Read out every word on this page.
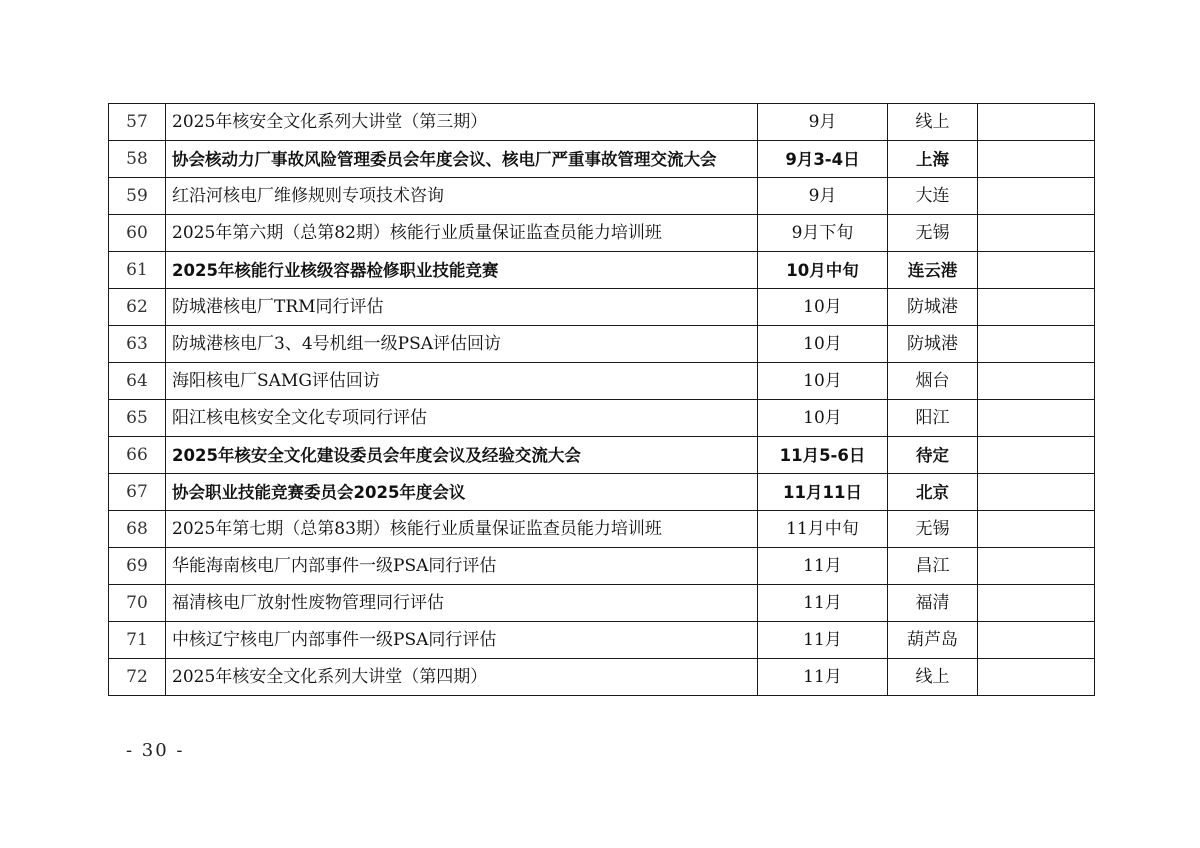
57	2025年核安全文化系列大讲堂（第三期）	9月	线上	
58	协会核动力厂事故风险管理委员会年度会议、核电厂严重事故管理交流大会	9月3-4日	上海	
59	红沿河核电厂维修规则专项技术咨询	9月	大连	
60	2025年第六期（总第82期）核能行业质量保证监查员能力培训班	9月下旬	无锡	
61	2025年核能行业核级容器检修职业技能竞赛	10月中旬	连云港	
62	防城港核电厂TRM同行评估	10月	防城港	
63	防城港核电厂3、4号机组一级PSA评估回访	10月	防城港	
64	海阳核电厂SAMG评估回访	10月	烟台	
65	阳江核电核安全文化专项同行评估	10月	阳江	
66	2025年核安全文化建设委员会年度会议及经验交流大会	11月5-6日	待定	
67	协会职业技能竞赛委员会2025年度会议	11月11日	北京	
68	2025年第七期（总第83期）核能行业质量保证监查员能力培训班	11月中旬	无锡	
69	华能海南核电厂内部事件一级PSA同行评估	11月	昌江	
70	福清核电厂放射性废物管理同行评估	11月	福清	
71	中核辽宁核电厂内部事件一级PSA同行评估	11月	葫芦岛	
72	2025年核安全文化系列大讲堂（第四期）	11月	线上	
- 30 -
